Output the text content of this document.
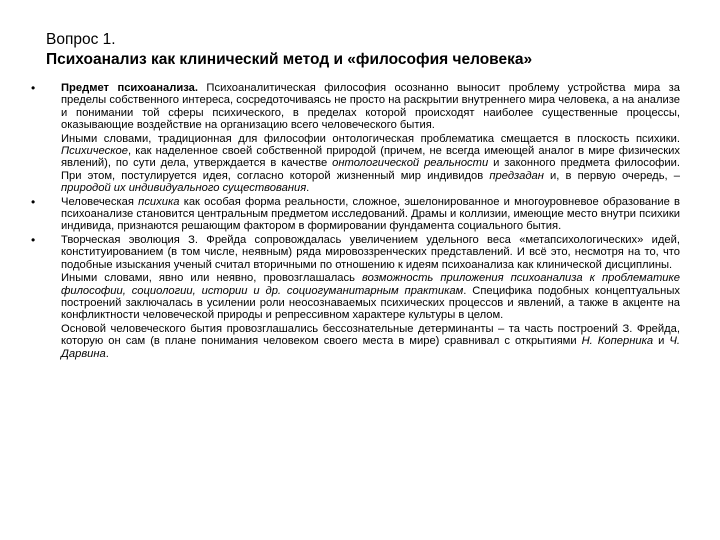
Вопрос 1.
Психоанализ как клинический метод и «философия человека»
• Предмет психоанализа. Психоаналитическая философия осознанно выносит проблему устройства мира за пределы собственного интереса, сосредоточиваясь не просто на раскрытии внутреннего мира человека, а на анализе и понимании той сферы психического, в пределах которой происходят наиболее существенные процессы, оказывающие воздействие на организацию всего человеческого бытия.

Иными словами, традиционная для философии онтологическая проблематика смещается в плоскость психики. Психическое, как наделенное своей собственной природой (причем, не всегда имеющей аналог в мире физических явлений), по сути дела, утверждается в качестве онтологической реальности и законного предмета философии. При этом, постулируется идея, согласно которой жизненный мир индивидов предзадан и, в первую очередь, – природой их индивидуального существования.

• Человеческая психика как особая форма реальности, сложное, эшелонированное и многоуровневое образование в психоанализе становится центральным предметом исследований. Драмы и коллизии, имеющие место внутри психики индивида, признаются решающим фактором в формировании фундамента социального бытия.

• Творческая эволюция З. Фрейда сопровождалась увеличением удельного веса «метапсихологических» идей, конституированием (в том числе, неявным) ряда мировоззренческих представлений. И всё это, несмотря на то, что подобные изыскания ученый считал вторичными по отношению к идеям психоанализа как клинической дисциплины.

Иными словами, явно или неявно, провозглашалась возможность приложения психоанализа к проблематике философии, социологии, истории и др. социогуманитарным практикам. Специфика подобных концептуальных построений заключалась в усилении роли неосознаваемых психических процессов и явлений, а также в акценте на конфликтности человеческой природы и репрессивном характере культуры в целом.

Основой человеческого бытия провозглашались бессознательные детерминанты – та часть построений З. Фрейда, которую он сам (в плане понимания человеком своего места в мире) сравнивал с открытиями Н. Коперника и Ч. Дарвина.
